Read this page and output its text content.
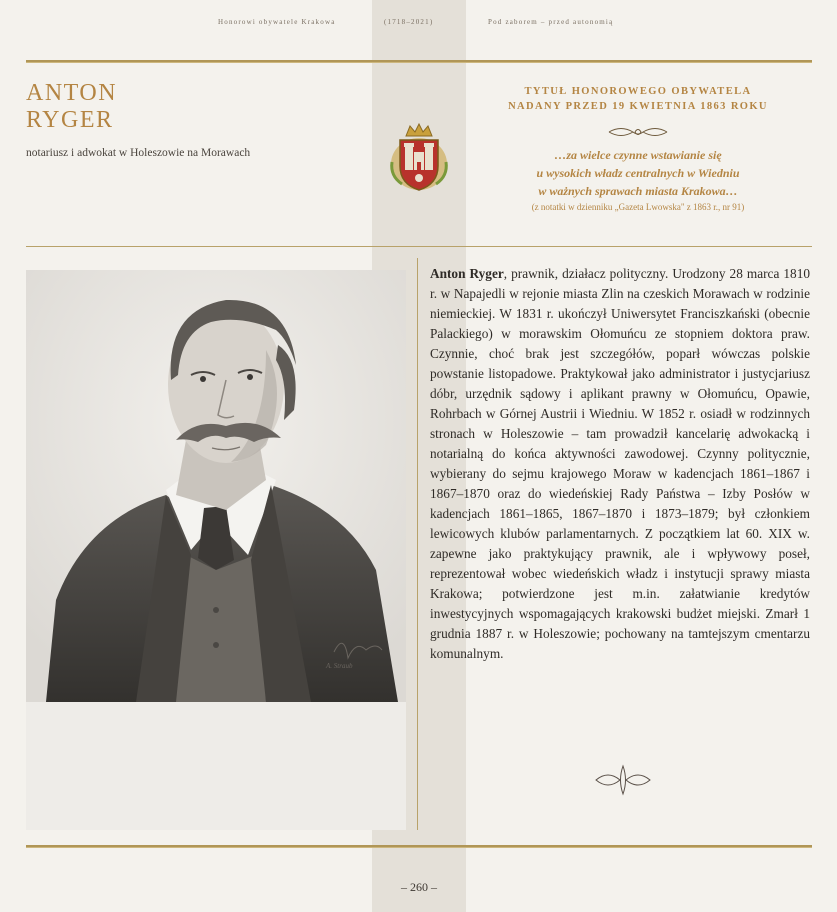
Honorowi obywatele Krakowa	(1718–2021)	Pod zaborem – przed autonomią
ANTON
RYGER
notariusz i adwokat w Holeszowie na Morawach
TYTUŁ HONOROWEGO OBYWATELA
NADANY PRZED 19 KWIETNIA 1863 ROKU
…za wielce czynne wstawianie się
u wysokich władz centralnych w Wiedniu
w ważnych sprawach miasta Krakowa…
(z notatki w dzienniku „Gazeta Lwowska" z 1863 r., nr 91)
A. Straub
Anton Ryger, prawnik, działacz polityczny. Urodzony 28 marca 1810 r. w Napajedli w rejonie miasta Zlin na czeskich Morawach w rodzinie niemieckiej. W 1831 r. ukończył Uniwersytet Franciszkański (obecnie Palackiego) w morawskim Ołomuńcu ze stopniem doktora praw. Czynnie, choć brak jest szczegółów, poparł wówczas polskie powstanie listopadowe. Praktykował jako administrator i justycjariusz dóbr, urzędnik sądowy i aplikant prawny w Ołomuńcu, Opawie, Rohrbach w Górnej Austrii i Wiedniu. W 1852 r. osiadł w rodzinnych stronach w Holeszowie – tam prowadził kancelarię adwokacką i notarialną do końca aktywności zawodowej. Czynny politycznie, wybierany do sejmu krajowego Moraw w kadencjach 1861–1867 i 1867–1870 oraz do wiedeńskiej Rady Państwa – Izby Posłów w kadencjach 1861–1865, 1867–1870 i 1873–1879; był członkiem lewicowych klubów parlamentarnych. Z początkiem lat 60. XIX w. zapewne jako praktykujący prawnik, ale i wpływowy poseł, reprezentował wobec wiedeńskich władz i instytucji sprawy miasta Krakowa; potwierdzone jest m.in. załatwianie kredytów inwestycyjnych wspomagających krakowski budżet miejski. Zmarł 1 grudnia 1887 r. w Holeszowie; pochowany na tamtejszym cmentarzu komunalnym.
– 260 –
